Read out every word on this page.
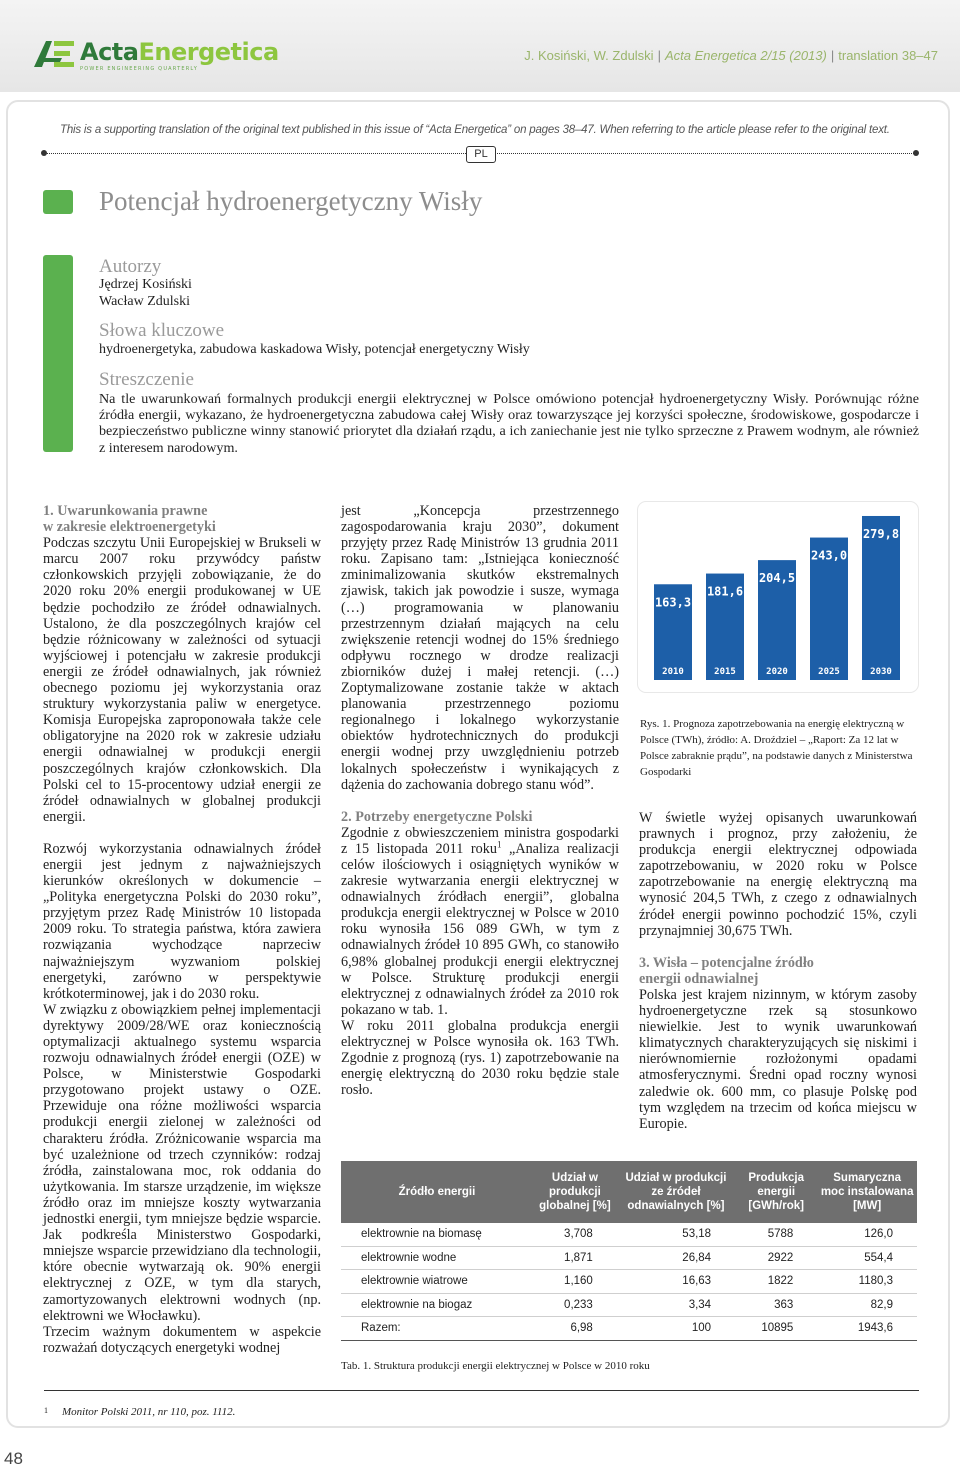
ActaEnergetica
POWER ENGINEERING QUARTERLY
J. Kosiński, W. Zdulski | Acta Energetica 2/15 (2013) | translation 38–47
This is a supporting translation of the original text published in this issue of “Acta Energetica” on pages 38–47. When referring to the article please refer to the original text.
PL
Potencjał hydroenergetyczny Wisły
Autorzy
Jędrzej Kosiński
Wacław Zdulski
Słowa kluczowe
hydroenergetyka, zabudowa kaskadowa Wisły, potencjał energetyczny Wisły
Streszczenie

Na tle uwarunkowań formalnych produkcji energii elektrycznej w Polsce omówiono potencjał hydroenergetyczny Wisły. Porównując różne źródła energii, wykazano, że hydroenergetyczna zabudowa całej Wisły oraz towarzyszące jej korzyści społeczne, środowiskowe, gospodarcze i bezpieczeństwo publiczne winny stanowić priorytet dla działań rządu, a ich zaniechanie jest nie tylko sprzeczne z Prawem wodnym, ale również z interesem narodowym.

1. Uwarunkowania prawne
w zakresie elektroenergetyki

Podczas szczytu Unii Europejskiej w Brukseli w marcu 2007 roku przywódcy państw członkowskich przyjęli zobowiązanie, że do 2020 roku 20% energii produkowanej w UE będzie pochodziło ze źródeł odnawialnych. Ustalono, że dla poszczególnych krajów cel będzie różnicowany w zależności od sytuacji wyjściowej i potencjału w zakresie produkcji energii ze źródeł odnawialnych, jak również obecnego poziomu jej wykorzystania oraz struktury wykorzystania paliw w energetyce. Komisja Europejska zaproponowała także cele obligatoryjne na 2020 rok w zakresie udziału energii odnawialnej w produkcji energii poszczególnych krajów członkowskich. Dla Polski cel to 15-procentowy udział energii ze źródeł odnawialnych w globalnej produkcji energii.

Rozwój wykorzystania odnawialnych źródeł energii jest jednym z najważniejszych kierunków określonych w dokumencie – „Polityka energetyczna Polski do 2030 roku”, przyjętym przez Radę Ministrów 10 listopada 2009 roku. To strategia państwa, która zawiera rozwiązania wychodzące naprzeciw najważniejszym wyzwaniom polskiej energetyki, zarówno w perspektywie krótkoterminowej, jak i do 2030 roku.

W związku z obowiązkiem pełnej implementacji dyrektywy 2009/28/WE oraz koniecznością optymalizacji aktualnego systemu wsparcia rozwoju odnawialnych źródeł energii (OZE) w Polsce, w Ministerstwie Gospodarki przygotowano projekt ustawy o OZE. Przewiduje ona różne możliwości wsparcia produkcji energii zielonej w zależności od charakteru źródła. Zróżnicowanie wsparcia ma być uzależnione od trzech czynników: rodzaj źródła, zainstalowana moc, rok oddania do użytkowania. Im starsze urządzenie, im większe źródło oraz im mniejsze koszty wytwarzania jednostki energii, tym mniejsze będzie wsparcie. Jak podkreśla Ministerstwo Gospodarki, mniejsze wsparcie przewidziano dla technologii, które obecnie wytwarzają ok. 90% energii elektrycznej z OZE, w tym dla starych, zamortyzowanych elektrowni wodnych (np. elektrowni we Włocławku).

Trzecim ważnym dokumentem w aspekcie rozważań dotyczących energetyki wodnej

jest „Koncepcja przestrzennego zagospodarowania kraju 2030”, dokument przyjęty przez Radę Ministrów 13 grudnia 2011 roku. Zapisano tam: „Istniejąca konieczność zminimalizowania skutków ekstremalnych zjawisk, takich jak powodzie i susze, wymaga (…) programowania w planowaniu przestrzennym działań mających na celu zwiększenie retencji wodnej do 15% średniego odpływu rocznego w drodze realizacji zbiorników dużej i małej retencji. (…) Zoptymalizowane zostanie także w aktach planowania przestrzennego poziomu regionalnego i lokalnego wykorzystanie obiektów hydrotechnicznych do produkcji energii wodnej przy uwzględnieniu potrzeb lokalnych społeczeństw i wynikających z dążenia do zachowania dobrego stanu wód”.

2. Potrzeby energetyczne Polski

Zgodnie z obwieszczeniem ministra gospodarki z 15 listopada 2011 roku$^1$ „Analiza realizacji celów ilościowych i osiągniętych wyników w zakresie wytwarzania energii elektrycznej w odnawialnych źródłach energii”, globalna produkcja energii elektrycznej w Polsce w 2010 roku wynosiła 156 089 GWh, w tym z odnawialnych źródeł 10 895 GWh, co stanowiło 6,98% globalnej produkcji energii elektrycznej w Polsce. Strukturę produkcji energii elektrycznej z odnawialnych źródeł za 2010 rok pokazano w tab. 1.

W roku 2011 globalna produkcja energii elektrycznej w Polsce wynosiła ok. 163 TWh. Zgodnie z prognozą (rys. 1) zapotrzebowanie na energię elektryczną do 2030 roku będzie stale rosło.

163,3
2010
181,6
2015
204,5
2020
243,0
2025
279,8
2030
Rys. 1. Prognoza zapotrzebowania na energię elektryczną w Polsce (TWh), źródło: A. Droździel – „Raport: Za 12 lat w Polsce zabraknie prądu”, na podstawie danych z Ministerstwa Gospodarki

W świetle wyżej opisanych uwarunkowań prawnych i prognoz, przy założeniu, że produkcja energii elektrycznej odpowiada zapotrzebowaniu, w 2020 roku w Polsce zapotrzebowanie na energię elektryczną ma wynosić 204,5 TWh, z czego z odnawialnych źródeł energii powinno pochodzić 15%, czyli przynajmniej 30,675 TWh.

3. Wisła – potencjalne źródło
energii odnawialnej

Polska jest krajem nizinnym, w którym zasoby hydroenergetyczne rzek są stosunkowo niewielkie. Jest to wynik uwarunkowań klimatycznych charakteryzujących się niskimi i nierównomiernie rozłożonymi opadami atmosferycznymi. Średni opad roczny wynosi zaledwie ok. 600 mm, co plasuje Polskę pod tym względem na trzecim od końca miejscu w Europie.

Źródło energii	Udział w produkcji globalnej [%]	Udział w produkcji ze źródeł odnawialnych [%]	Produkcja energii [GWh/rok]	Sumaryczna moc instalowana [MW]
elektrownie na biomasę	3,708	53,18	5788	126,0
elektrownie wodne	1,871	26,84	2922	554,4
elektrownie wiatrowe	1,160	16,63	1822	1180,3
elektrownie na biogaz	0,233	3,34	363	82,9
Razem:	6,98	100	10895	1943,6
Tab. 1. Struktura produkcji energii elektrycznej w Polsce w 2010 roku
$^1$ Monitor Polski 2011, nr 110, poz. 1112.
48
